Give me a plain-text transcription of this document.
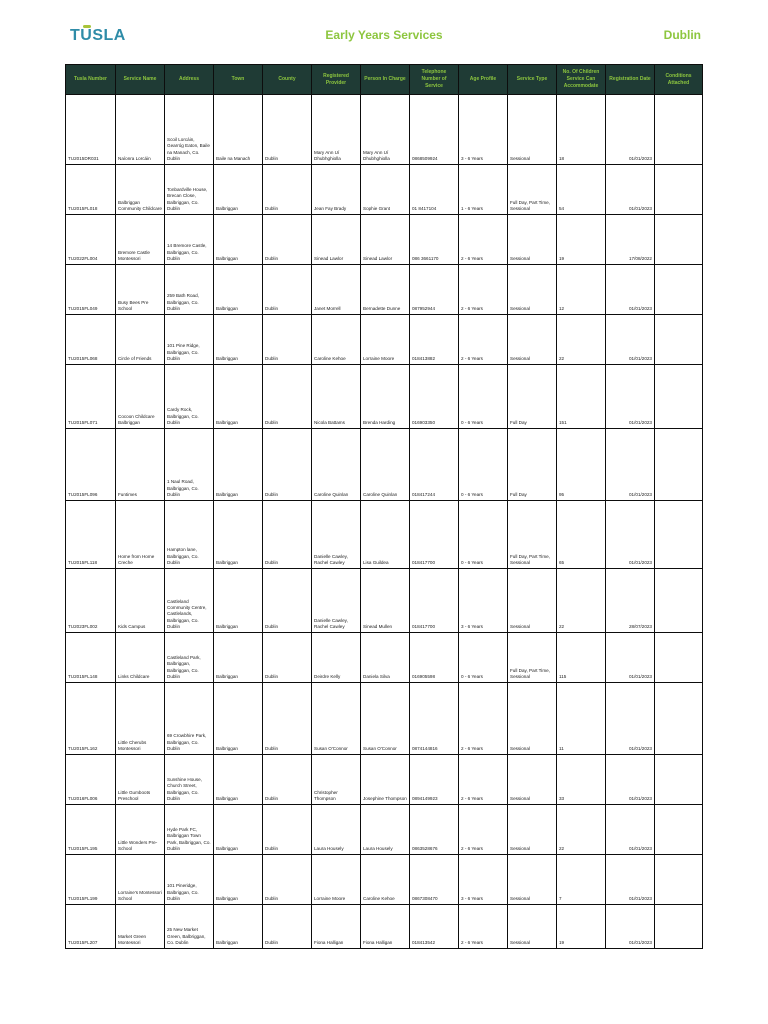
TUSLA	Early Years Services	Dublin
Tusla Number	Service Name	Address	Town	County	Registered Provider	Person In Charge	Telephone Number of Service	Age Profile	Service Type	No. Of Children Service Can Accommodate	Registration Date	Conditions Attached
TU2015DR031	Naíonra Lorcáin	Scoil Lorcáin, Gearróg Eaton, Baile na Manach, Co. Dublin	Baile na Manach	Dublin	Mary Ann Uí Dhubhghiolla	Mary Ann Uí Dhubhghiolla	0868509924	3 - 6 Years	Sessional	18	01/01/2023	
TU2015FL018	Balbriggan Community Childcare	Tonbardville House, Brecan Close, Balbriggan, Co. Dublin	Balbriggan	Dublin	Jean Fay Brady	Sophie Grant	01 8417104	1 - 6 Years	Full Day, Part Time, Sessional	54	01/01/2023	
TU2022FL004	Bremore Castle Montessori	14 Bremore Castle, Balbriggan, Co. Dublin	Balbriggan	Dublin	Sinead Lawlor	Sinead Lawlor	086 3661170	2 - 6 Years	Sessional	19	17/08/2022	
TU2015FL049	Busy Bees Pre School	259 Bath Road, Balbriggan, Co. Dublin	Balbriggan	Dublin	Janet Morrell	Bernadette Dunne	087952944	2 - 6 Years	Sessional	12	01/01/2023	
TU2015FL068	Circle of Friends	101 Pine Ridge, Balbriggan, Co. Dublin	Balbriggan	Dublin	Caroline Kehoe	Lorraine Moore	018413882	2 - 6 Years	Sessional	22	01/01/2023	
TU2015FL071	Cocoon Childcare Balbriggan	Cardy Rock, Balbriggan, Co. Dublin	Balbriggan	Dublin	Nicola Battams	Brenda Harding	016903350	0 - 6 Years	Full Day	151	01/01/2023	
TU2015FL096	Funtimes	1 Naul Road, Balbriggan, Co. Dublin	Balbriggan	Dublin	Caroline Quinlan	Caroline Quinlan	018417244	0 - 6 Years	Full Day	95	01/01/2023	
TU2015FL118	Home from Home Creche	Hampton lane, Balbriggan, Co. Dublin	Balbriggan	Dublin	Danielle Cawley, Rachel Cawley	Lisa Guildea	018417700	0 - 6 Years	Full Day, Part Time, Sessional	65	01/01/2023	
TU2023FL002	Kids Campus	Castleland Community Centre, Castlelands, Balbriggan, Co. Dublin	Balbriggan	Dublin	Danielle Cawley, Rachel Cawley	Sinead Mullen	018417700	3 - 6 Years	Sessional	22	28/07/2023	
TU2015FL148	Links Childcare	Castleland Park, Balbriggan, Balbriggan, Co. Dublin	Balbriggan	Dublin	Deirdre Kelly	Daniela Silva	016905598	0 - 6 Years	Full Day, Part Time, Sessional	115	01/01/2023	
TU2015FL162	Little Cherubs Montessori	69 Crowbhire Park, Balbriggan, Co. Dublin	Balbriggan	Dublin	Susan O'Connor	Susan O'Connor	0874144816	2 - 6 Years	Sessional	11	01/01/2023	
TU2016FL006	Little Gumboots Preschool	Sunshine House, Church Street, Balbriggan, Co. Dublin	Balbriggan	Dublin	Christopher Thompson	Josephine Thompson	0894149923	2 - 6 Years	Sessional	33	01/01/2023	
TU2015FL195	Little Wonders Pre-School	Hyde Park FC, Balbriggan Town Park, Balbriggan, Co. Dublin	Balbriggan	Dublin	Laura Housely	Laura Housely	0863528676	2 - 6 Years	Sessional	22	01/01/2023	
TU2015FL199	Lorraine's Montessori School	101 Pineridge, Balbriggan, Co. Dublin	Balbriggan	Dublin	Lorraine Moore	Caroline Kehoe	0867308470	3 - 6 Years	Sessional	7	01/01/2023	
TU2015FL207	Market Green Montessori	25 New Market Green, Balbriggan, Co. Dublin	Balbriggan	Dublin	Fiona Halligan	Fiona Halligan	018413542	2 - 6 Years	Sessional	19	01/01/2023	
